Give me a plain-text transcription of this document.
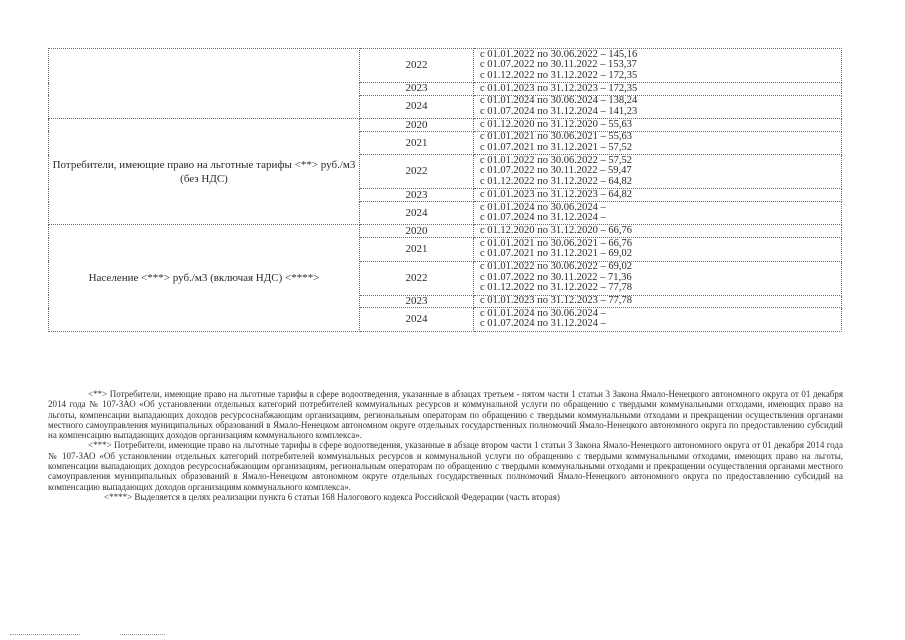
	2022	с 01.01.2022 по 30.06.2022 – 145,16
с 01.07.2022 по 30.11.2022 – 153,37
с 01.12.2022 по 31.12.2022 – 172,35

	2023	с 01.01.2023 по 31.12.2023 – 172,35

	2024	с 01.01.2024 по 30.06.2024 – 138,24
с 01.07.2024 по 31.12.2024 – 141,23

Потребители, имеющие право на льготные тарифы <**> руб./м3 (без НДС)	2020	с 01.12.2020 по 31.12.2020 – 55,63

	2021	с 01.01.2021 по 30.06.2021 – 55,63
с 01.07.2021 по 31.12.2021 – 57,52

	2022	с 01.01.2022 по 30.06.2022 – 57,52
с 01.07.2022 по 30.11.2022 – 59,47
с 01.12.2022 по 31.12.2022 – 64,82

	2023	с 01.01.2023 по 31.12.2023 – 64,82

	2024	с 01.01.2024 по 30.06.2024 –
с 01.07.2024 по 31.12.2024 –

Население <***> руб./м3 (включая НДС) <****>	2020	с 01.12.2020 по 31.12.2020 – 66,76

	2021	с 01.01.2021 по 30.06.2021 – 66,76
с 01.07.2021 по 31.12.2021 – 69,02

	2022	с 01.01.2022 по 30.06.2022 – 69,02
с 01.07.2022 по 30.11.2022 – 71,36
с 01.12.2022 по 31.12.2022 – 77,78

	2023	с 01.01.2023 по 31.12.2023 – 77,78

	2024	с 01.01.2024 по 30.06.2024 –
с 01.07.2024 по 31.12.2024 –

<**> Потребители, имеющие право на льготные тарифы в сфере водоотведения, указанные в абзацах третьем - пятом части 1 статьи 3 Закона Ямало-Ненецкого автономного округа от 01 декабря 2014 года № 107-ЗАО «Об установлении отдельных категорий потребителей коммунальных ресурсов и коммунальной услуги по обращению с твердыми коммунальными отходами, имеющих право на льготы, компенсации выпадающих доходов ресурсоснабжающим организациям, региональным операторам по обращению с твердыми коммунальными отходами и прекращении осуществления органами местного самоуправления муниципальных образований в Ямало-Ненецком автономном округе отдельных государственных полномочий Ямало-Ненецкого автономного округа по предоставлению субсидий на компенсацию выпадающих доходов организациям коммунального комплекса».

<***> Потребители, имеющие право на льготные тарифы в сфере водоотведения, указанные в абзаце втором части 1 статьи 3 Закона Ямало-Ненецкого автономного округа от 01 декабря 2014 года № 107-ЗАО «Об установлении отдельных категорий потребителей коммунальных ресурсов и коммунальной услуги по обращению с твердыми коммунальными отходами, имеющих право на льготы, компенсации выпадающих доходов ресурсоснабжающим организациям, региональным операторам по обращению с твердыми коммунальными отходами и прекращении осуществления органами местного самоуправления муниципальных образований в Ямало-Ненецком автономном округе отдельных государственных полномочий Ямало-Ненецкого автономного округа по предоставлению субсидий на компенсацию выпадающих доходов организациям коммунального комплекса».

<****> Выделяется в целях реализации пункта 6 статьи 168 Налогового кодекса Российской Федерации (часть вторая)
